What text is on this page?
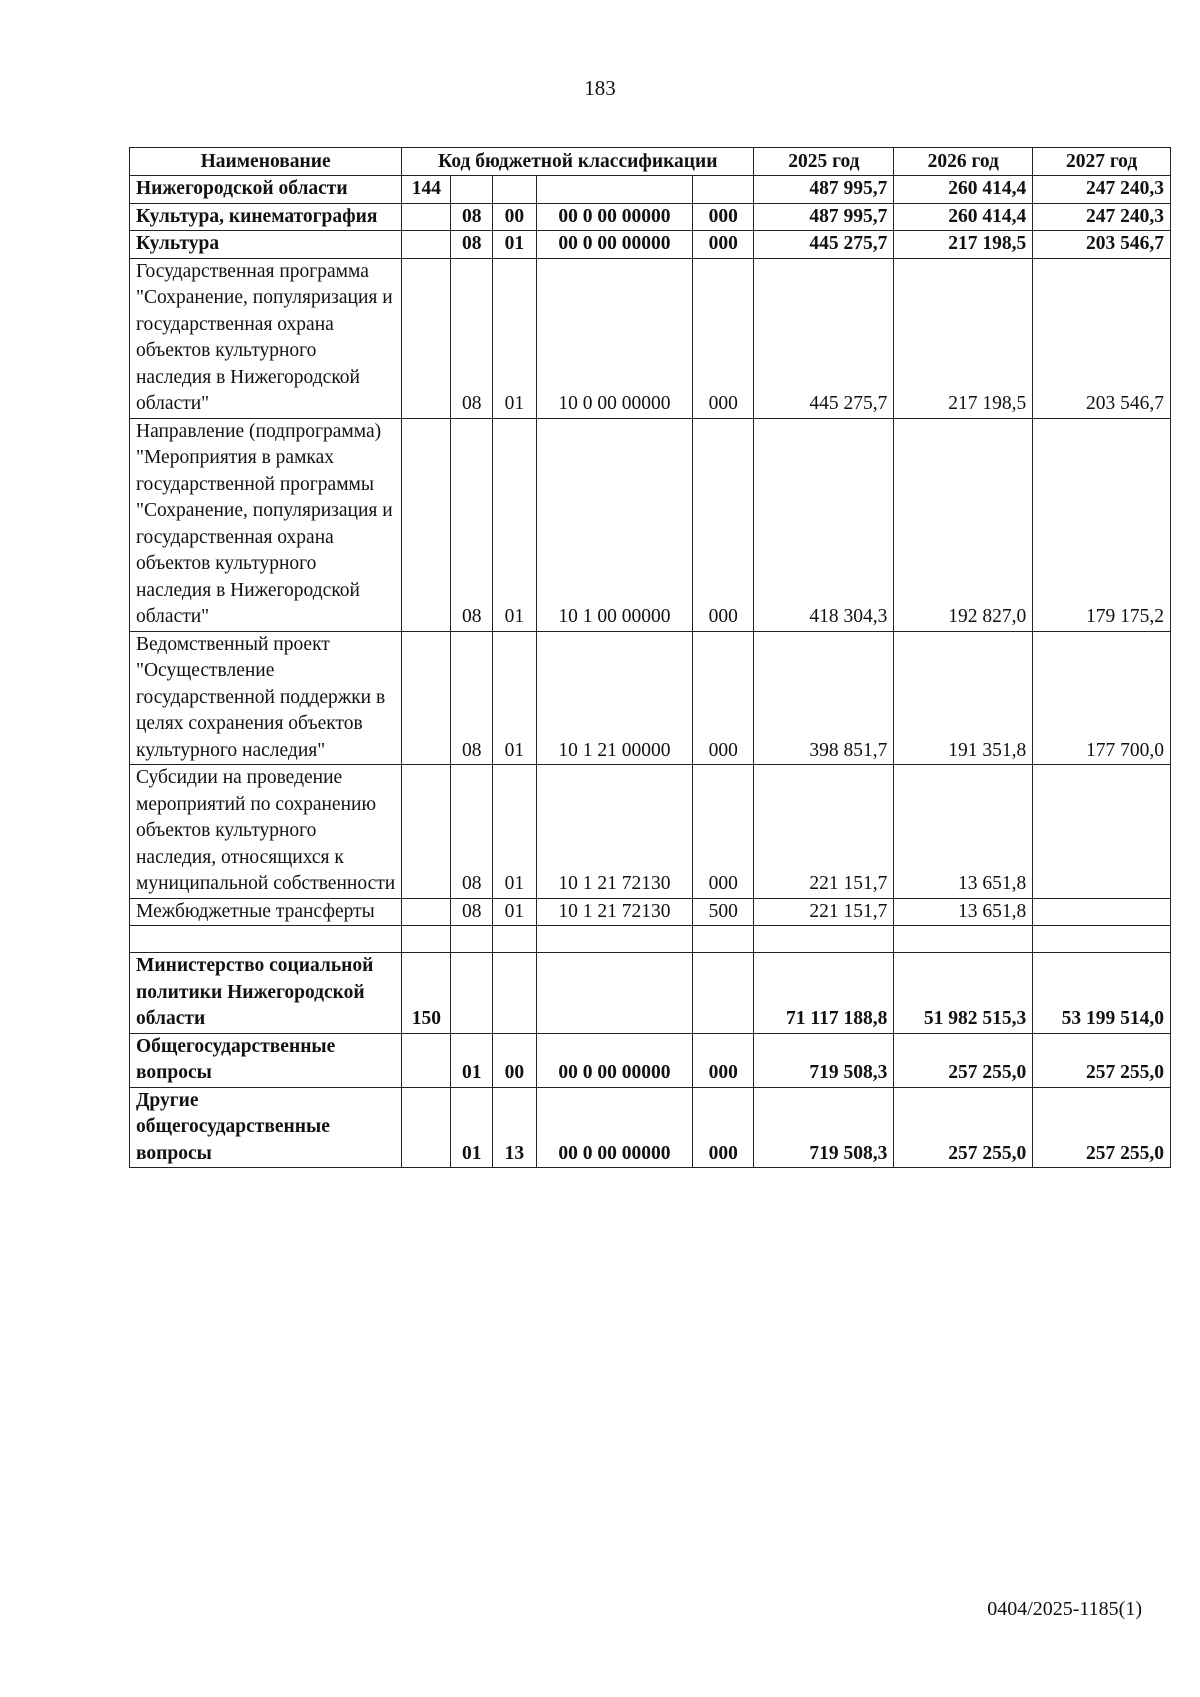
183
Наименование	Код бюджетной классификации					2025 год	2026 год	2027 год
Нижегородской области	144					487 995,7	260 414,4	247 240,3
Культура, кинематография		08	00	00 0 00 00000	000	487 995,7	260 414,4	247 240,3
Культура		08	01	00 0 00 00000	000	445 275,7	217 198,5	203 546,7
Государственная программа "Сохранение, популяризация и государственная охрана объектов культурного наследия в Нижегородской области"		08	01	10 0 00 00000	000	445 275,7	217 198,5	203 546,7
Направление (подпрограмма) "Мероприятия в рамках государственной программы "Сохранение, популяризация и государственная охрана объектов культурного наследия в Нижегородской области"		08	01	10 1 00 00000	000	418 304,3	192 827,0	179 175,2
Ведомственный проект "Осуществление государственной поддержки в целях сохранения объектов культурного наследия"		08	01	10 1 21 00000	000	398 851,7	191 351,8	177 700,0
Субсидии на проведение мероприятий по сохранению объектов культурного наследия, относящихся к муниципальной собственности		08	01	10 1 21 72130	000	221 151,7	13 651,8	
Межбюджетные трансферты		08	01	10 1 21 72130	500	221 151,7	13 651,8	

Министерство социальной политики Нижегородской области	150					71 117 188,8	51 982 515,3	53 199 514,0
Общегосударственные вопросы		01	00	00 0 00 00000	000	719 508,3	257 255,0	257 255,0
Другие общегосударственные вопросы		01	13	00 0 00 00000	000	719 508,3	257 255,0	257 255,0
0404/2025-1185(1)
